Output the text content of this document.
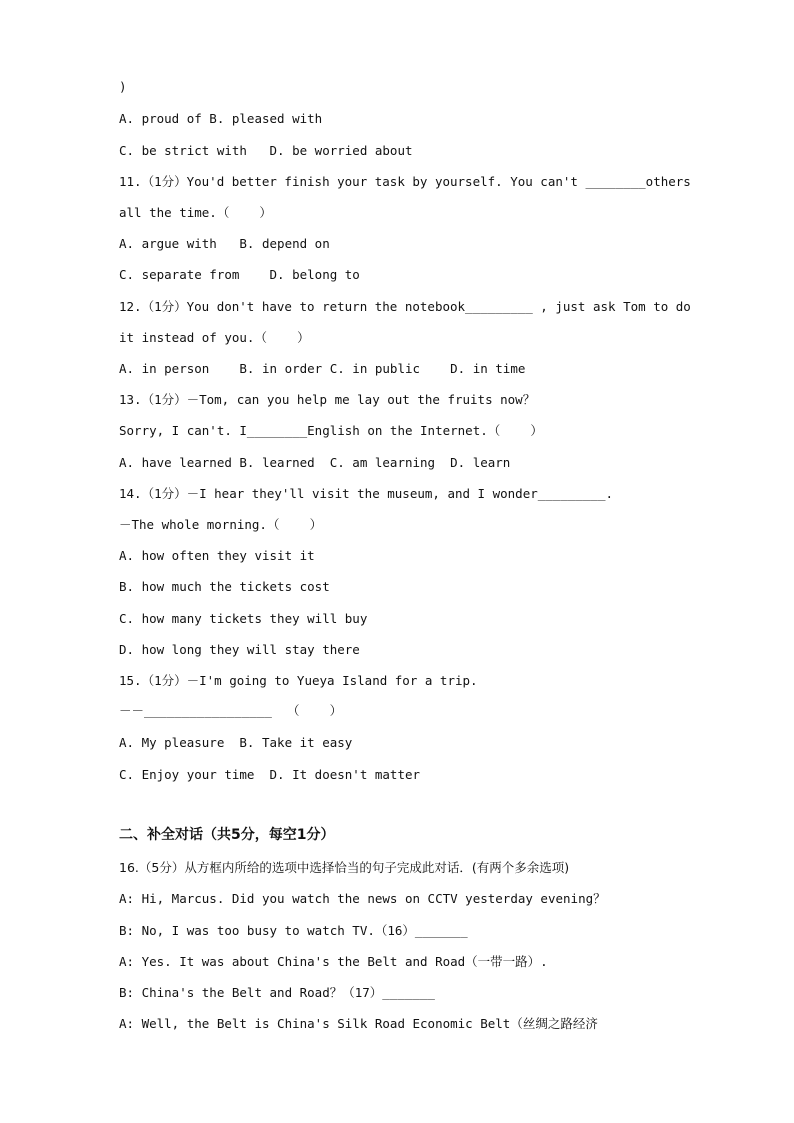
)
A. proud of B. pleased with
C. be strict with   D. be worried about
11.（1分）You'd better finish your task by yourself. You can't ________others
all the time.（    ）
A. argue with   B. depend on
C. separate from    D. belong to
12.（1分）You don't have to return the notebook_________ , just ask Tom to do
it instead of you.（    ）
A. in person    B. in order C. in public    D. in time
13.（1分）－Tom, can you help me lay out the fruits now？
Sorry, I can't. I________English on the Internet.（    ）
A. have learned B. learned  C. am learning  D. learn
14.（1分）－I hear they'll visit the museum, and I wonder_________.
－The whole morning.（    ）
A. how often they visit it
B. how much the tickets cost
C. how many tickets they will buy
D. how long they will stay there
15.（1分）－I'm going to Yueya Island for a trip.
－－_________________  （    ）
A. My pleasure  B. Take it easy
C. Enjoy your time  D. It doesn't matter
二、补全对话（共5分，每空1分）
16.（5分）从方框内所给的选项中选择恰当的句子完成此对话．(有两个多余选项)
A: Hi, Marcus. Did you watch the news on CCTV yesterday evening？
B: No, I was too busy to watch TV.（16）_______
A: Yes. It was about China's the Belt and Road（一带一路）.
B: China's the Belt and Road？（17）_______
A: Well, the Belt is China's Silk Road Economic Belt（丝绸之路经济
